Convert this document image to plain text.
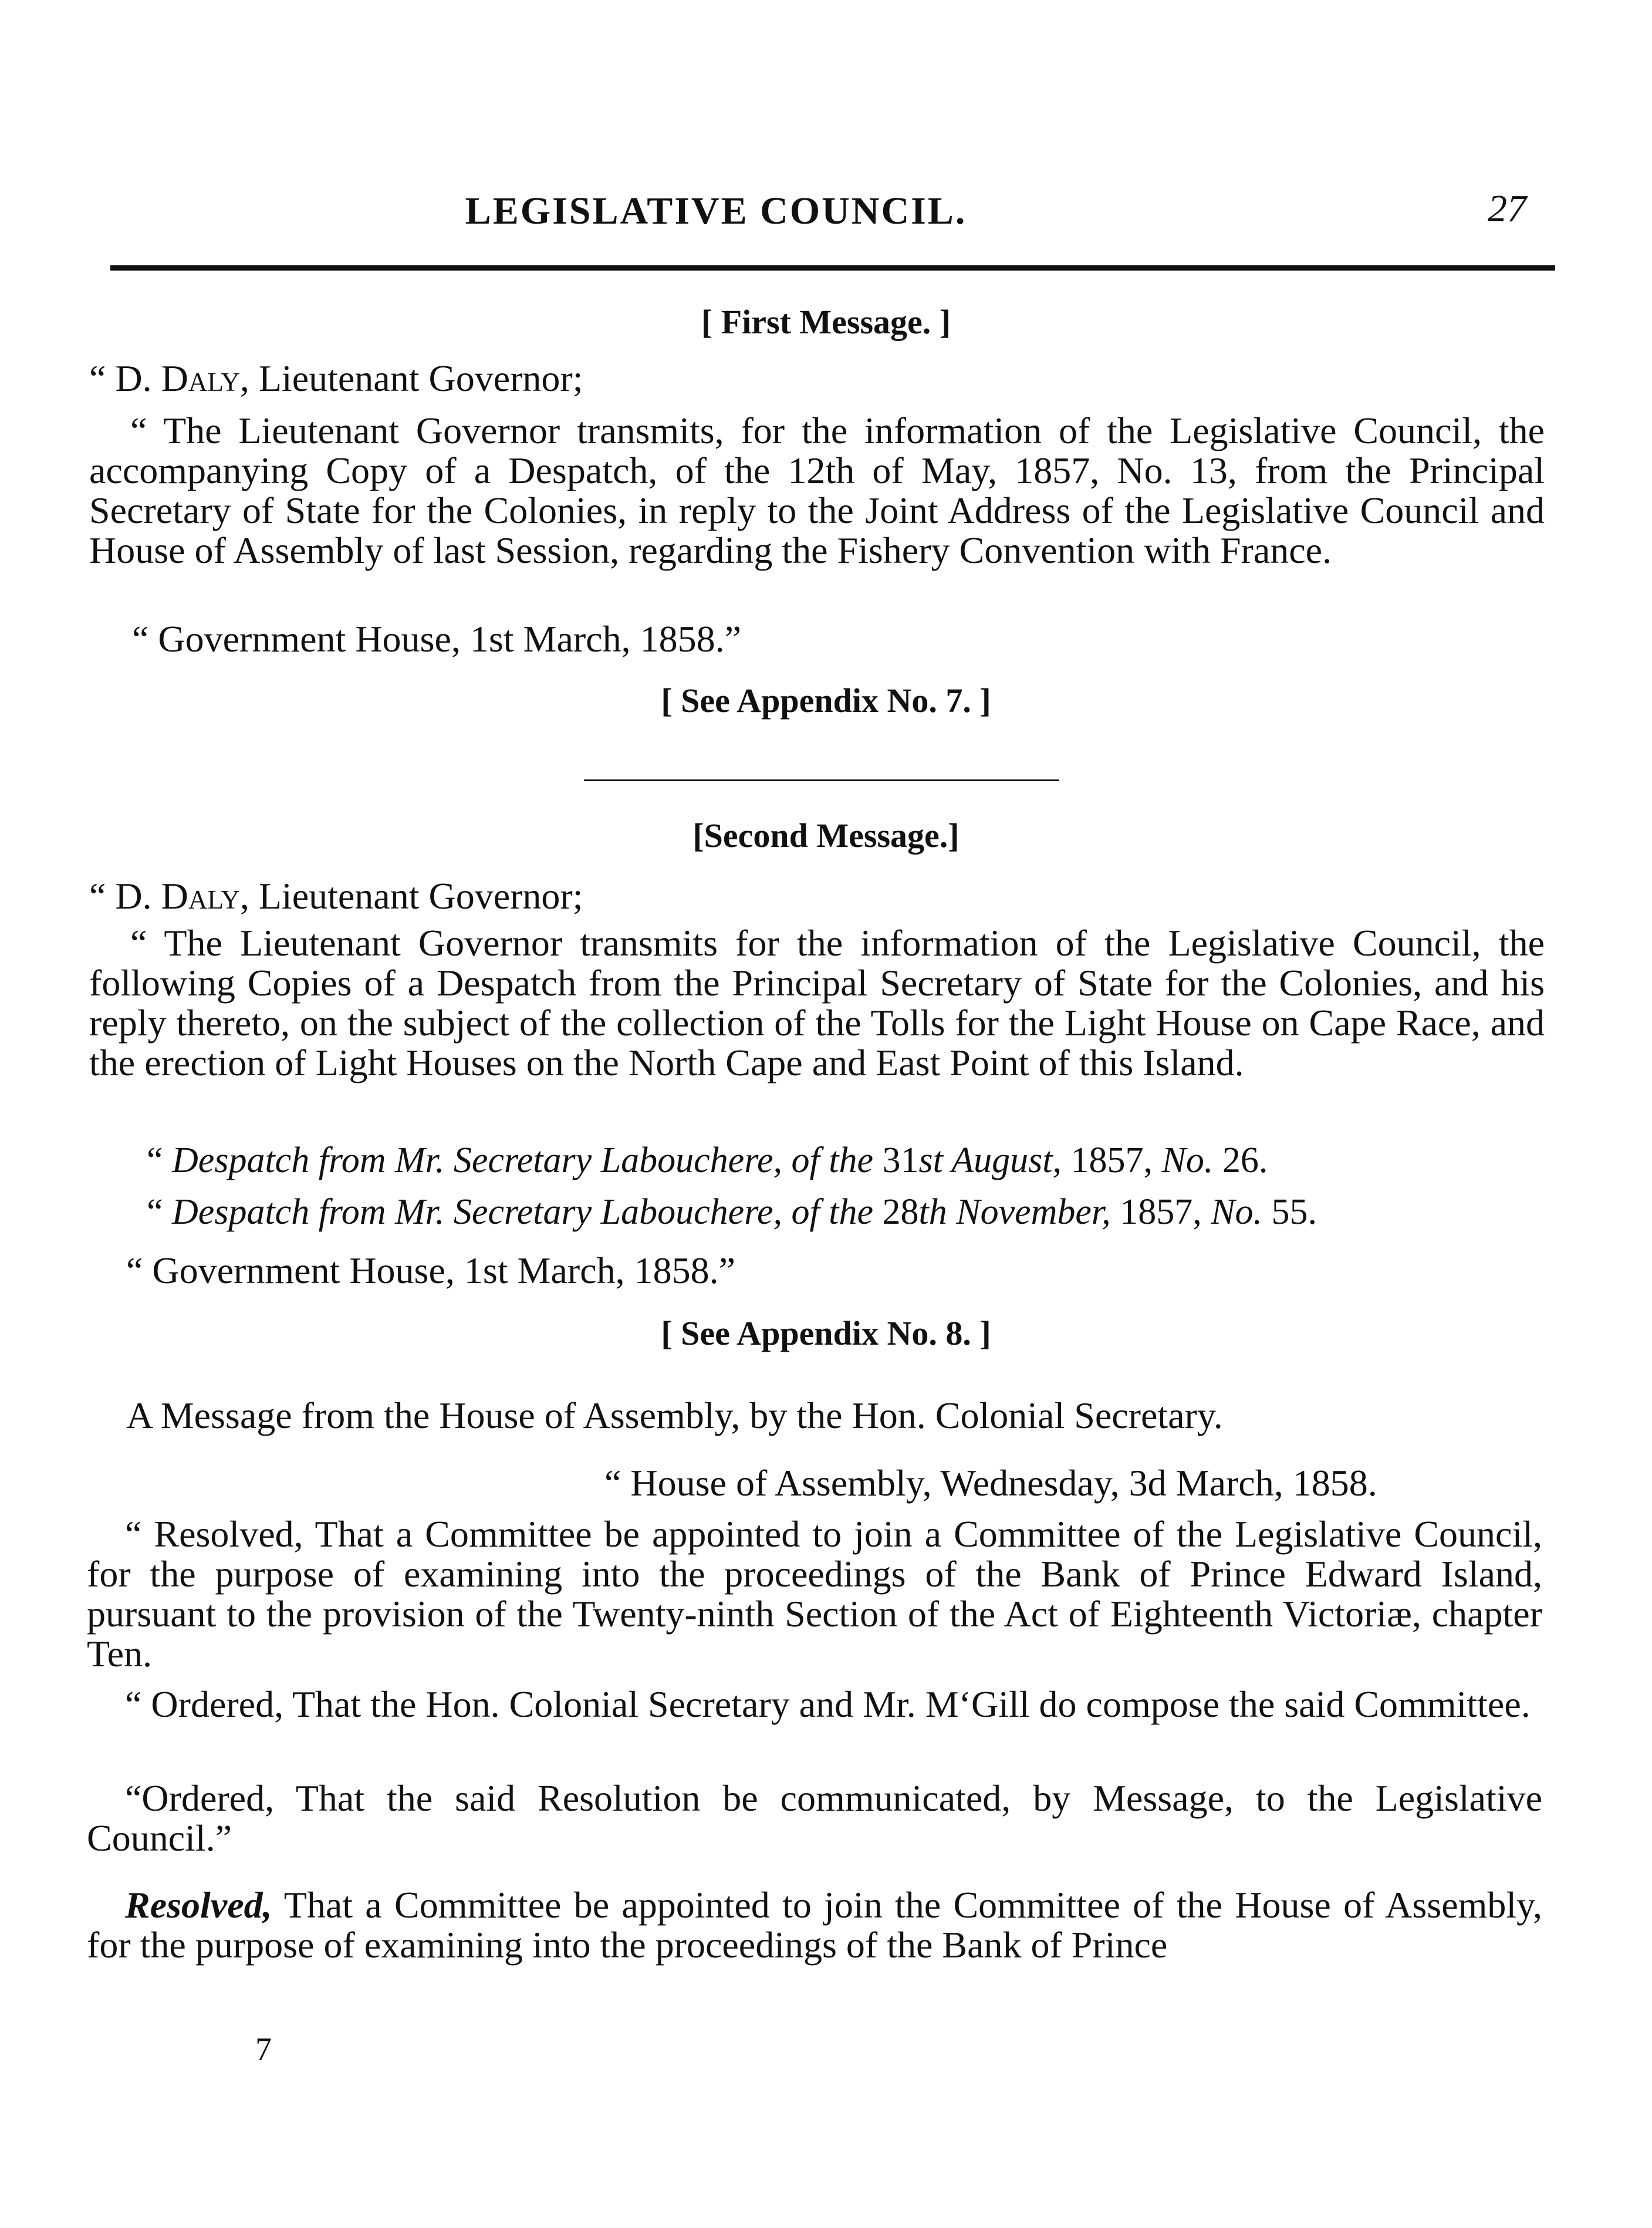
LEGISLATIVE COUNCIL.	27
[ First Message. ]
“ D. Daly, Lieutenant Governor;
“ The Lieutenant Governor transmits, for the information of the Legislative Council, the accompanying Copy of a Despatch, of the 12th of May, 1857, No. 13, from the Principal Secretary of State for the Colonies, in reply to the Joint Address of the Legislative Council and House of Assembly of last Session, regarding the Fishery Convention with France.
“ Government House, 1st March, 1858.”
[ See Appendix No. 7. ]
[Second Message.]
“ D. Daly, Lieutenant Governor;
“ The Lieutenant Governor transmits for the information of the Legislative Council, the following Copies of a Despatch from the Principal Secretary of State for the Colonies, and his reply thereto, on the subject of the collection of the Tolls for the Light House on Cape Race, and the erection of Light Houses on the North Cape and East Point of this Island.
“ Despatch from Mr. Secretary Labouchere, of the 31st August, 1857, No. 26.
“ Despatch from Mr. Secretary Labouchere, of the 28th November, 1857, No. 55.
“ Government House, 1st March, 1858.”
[ See Appendix No. 8. ]
A Message from the House of Assembly, by the Hon. Colonial Secretary.
“ House of Assembly, Wednesday, 3d March, 1858.
“ Resolved, That a Committee be appointed to join a Committee of the Legislative Council, for the purpose of examining into the proceedings of the Bank of Prince Edward Island, pursuant to the provision of the Twenty-ninth Section of the Act of Eighteenth Victoriæ, chapter Ten.
“ Ordered, That the Hon. Colonial Secretary and Mr. M‘Gill do compose the said Committee.
“Ordered, That the said Resolution be communicated, by Message, to the Legislative Council.”
Resolved, That a Committee be appointed to join the Committee of the House of Assembly, for the purpose of examining into the proceedings of the Bank of Prince
7
